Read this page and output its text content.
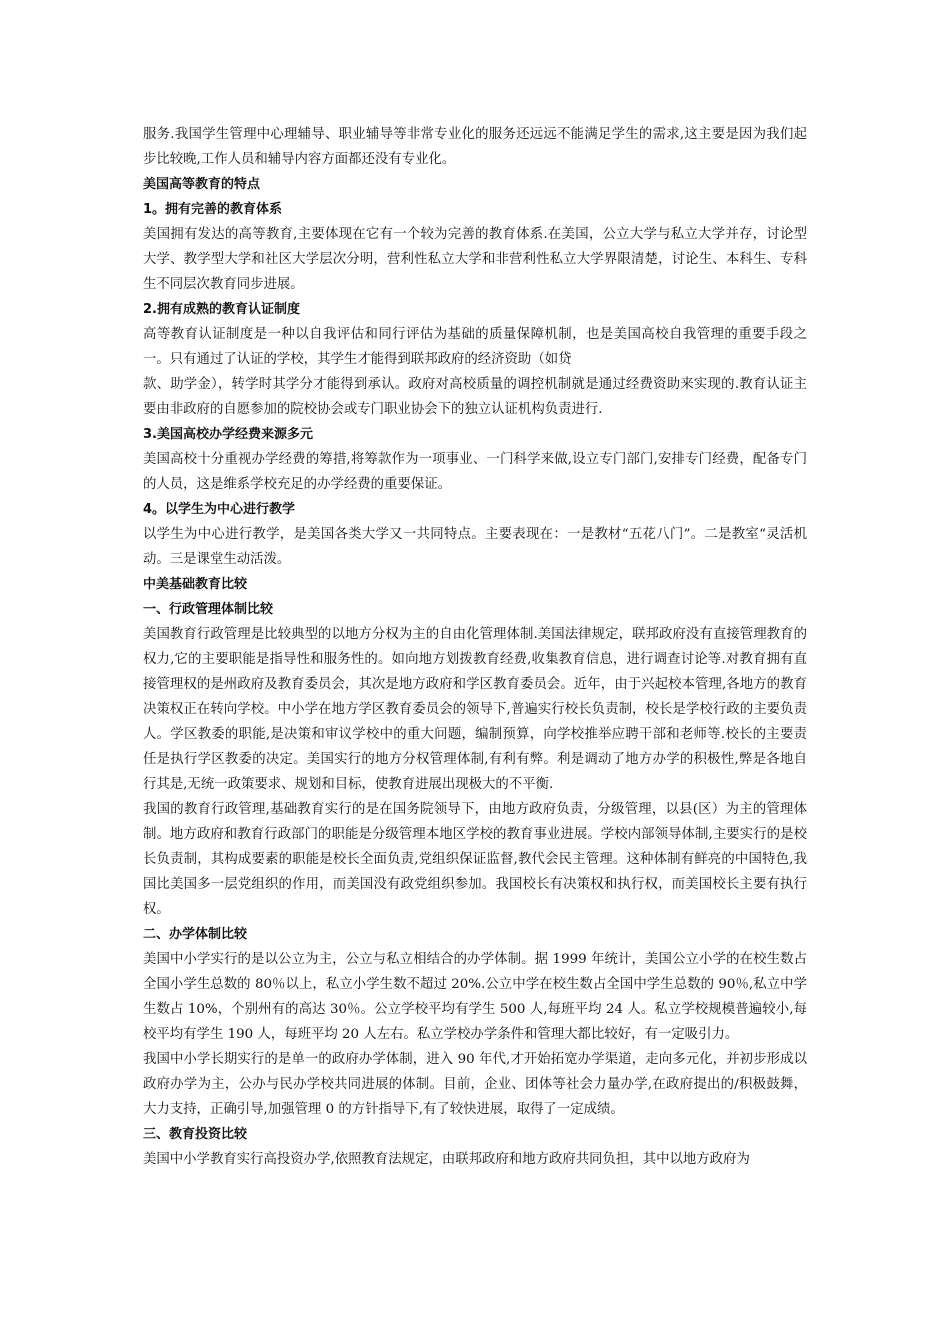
服务.我国学生管理中心理辅导、职业辅导等非常专业化的服务还远远不能满足学生的需求,这主要是因为我们起步比较晚,工作人员和辅导内容方面都还没有专业化。

美国高等教育的特点

1。拥有完善的教育体系

美国拥有发达的高等教育,主要体现在它有一个较为完善的教育体系.在美国，公立大学与私立大学并存，讨论型大学、教学型大学和社区大学层次分明，营利性私立大学和非营利性私立大学界限清楚，讨论生、本科生、专科生不同层次教育同步进展。

2.拥有成熟的教育认证制度

高等教育认证制度是一种以自我评估和同行评估为基础的质量保障机制，也是美国高校自我管理的重要手段之一。只有通过了认证的学校，其学生才能得到联邦政府的经济资助（如贷

款、助学金），转学时其学分才能得到承认。政府对高校质量的调控机制就是通过经费资助来实现的.教育认证主要由非政府的自愿参加的院校协会或专门职业协会下的独立认证机构负责进行.

3.美国高校办学经费来源多元

美国高校十分重视办学经费的筹措,将筹款作为一项事业、一门科学来做,设立专门部门,安排专门经费，配备专门的人员，这是维系学校充足的办学经费的重要保证。

4。以学生为中心进行教学

以学生为中心进行教学，是美国各类大学又一共同特点。主要表现在：一是教材“五花八门”。二是教室“灵活机动。三是课堂生动活泼。

中美基础教育比较

一、行政管理体制比较

美国教育行政管理是比较典型的以地方分权为主的自由化管理体制.美国法律规定，联邦政府没有直接管理教育的权力,它的主要职能是指导性和服务性的。如向地方划拨教育经费,收集教育信息，进行调查讨论等.对教育拥有直接管理权的是州政府及教育委员会，其次是地方政府和学区教育委员会。近年，由于兴起校本管理,各地方的教育决策权正在转向学校。中小学在地方学区教育委员会的领导下,普遍实行校长负责制，校长是学校行政的主要负责人。学区教委的职能,是决策和审议学校中的重大问题，编制预算，向学校推举应聘干部和老师等.校长的主要责任是执行学区教委的决定。美国实行的地方分权管理体制,有利有弊。利是调动了地方办学的积极性,弊是各地自行其是,无统一政策要求、规划和目标，使教育进展出现极大的不平衡.

我国的教育行政管理,基础教育实行的是在国务院领导下，由地方政府负责，分级管理，以县(区）为主的管理体制。地方政府和教育行政部门的职能是分级管理本地区学校的教育事业进展。学校内部领导体制,主要实行的是校长负责制，其构成要素的职能是校长全面负责,党组织保证监督,教代会民主管理。这种体制有鲜亮的中国特色,我国比美国多一层党组织的作用，而美国没有政党组织参加。我国校长有决策权和执行权，而美国校长主要有执行权。

二、办学体制比较

美国中小学实行的是以公立为主，公立与私立相结合的办学体制。据 1999 年统计，美国公立小学的在校生数占全国小学生总数的 80％以上，私立小学生数不超过 20%.公立中学在校生数占全国中学生总数的 90％,私立中学生数占 10%，个别州有的高达 30％。公立学校平均有学生 500 人,每班平均 24 人。私立学校规模普遍较小,每校平均有学生 190 人，每班平均 20 人左右。私立学校办学条件和管理大都比较好，有一定吸引力。

我国中小学长期实行的是单一的政府办学体制，进入 90 年代,才开始拓宽办学渠道，走向多元化，并初步形成以政府办学为主，公办与民办学校共同进展的体制。目前，企业、团体等社会力量办学,在政府提出的/积极鼓舞，大力支持，正确引导,加强管理 0 的方针指导下,有了较快进展，取得了一定成绩。

三、教育投资比较

美国中小学教育实行高投资办学,依照教育法规定，由联邦政府和地方政府共同负担，其中以地方政府为
